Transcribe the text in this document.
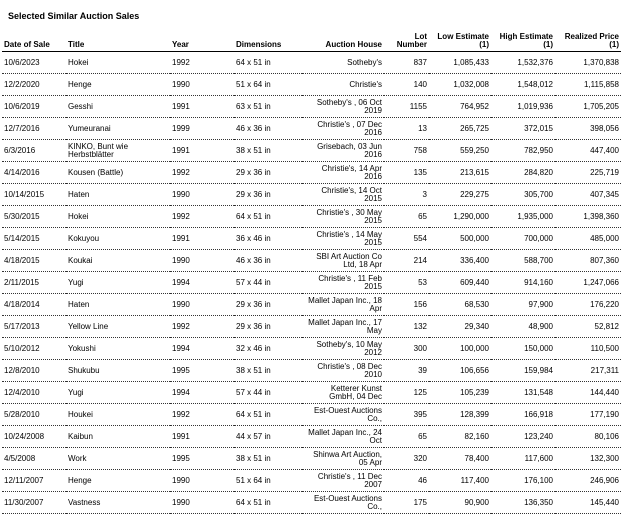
Selected Similar Auction Sales
Date of Sale	Title	Year	Dimensions	Auction House	Lot Number	Low Estimate (1)	High Estimate (1)	Realized Price (1)
10/6/2023	Hokei	1992	64 x 51 in	Sotheby's	837	1,085,433	1,532,376	1,370,838
12/2/2020	Henge	1990	51 x 64 in	Christie's	140	1,032,008	1,548,012	1,115,858
10/6/2019	Gesshi	1991	63 x 51 in	Sotheby's , 06 Oct 2019	1155	764,952	1,019,936	1,705,205
12/7/2016	Yumeuranai	1999	46 x 36 in	Christie's , 07 Dec 2016	13	265,725	372,015	398,056
6/3/2016	KINKO, Bunt wie Herbstblätter	1991	38 x 51 in	Grisebach, 03 Jun 2016	758	559,250	782,950	447,400
4/14/2016	Kousen (Battle)	1992	29 x 36 in	Christie's, 14 Apr 2016	135	213,615	284,820	225,719
10/14/2015	Haten	1990	29 x 36 in	Christie's, 14 Oct 2015	3	229,275	305,700	407,345
5/30/2015	Hokei	1992	64 x 51 in	Christie's , 30 May 2015	65	1,290,000	1,935,000	1,398,360
5/14/2015	Kokuyou	1991	36 x 46 in	Christie's , 14 May 2015	554	500,000	700,000	485,000
4/18/2015	Koukai	1990	46 x 36 in	SBI Art Auction Co Ltd, 18 Apr	214	336,400	588,700	807,360
2/11/2015	Yugi	1994	57 x 44 in	Christie's , 11 Feb 2015	53	609,440	914,160	1,247,066
4/18/2014	Haten	1990	29 x 36 in	Mallet Japan Inc., 18 Apr	156	68,530	97,900	176,220
5/17/2013	Yellow Line	1992	29 x 36 in	Mallet Japan Inc., 17 May	132	29,340	48,900	52,812
5/10/2012	Yokushi	1994	32 x 46 in	Sotheby's, 10 May 2012	300	100,000	150,000	110,500
12/8/2010	Shukubu	1995	38 x 51 in	Christie's , 08 Dec 2010	39	106,656	159,984	217,311
12/4/2010	Yugi	1994	57 x 44 in	Ketterer Kunst GmbH, 04 Dec	125	105,239	131,548	144,440
5/28/2010	Houkei	1992	64 x 51 in	Est-Ouest Auctions Co.,	395	128,399	166,918	177,190
10/24/2008	Kaibun	1991	44 x 57 in	Mallet Japan Inc., 24 Oct	65	82,160	123,240	80,106
4/5/2008	Work	1995	38 x 51 in	Shinwa Art Auction, 05 Apr	320	78,400	117,600	132,300
12/11/2007	Henge	1990	51 x 64 in	Christie's , 11 Dec 2007	46	117,400	176,100	246,906
11/30/2007	Vastness	1990	64 x 51 in	Est-Ouest Auctions Co.,	175	90,900	136,350	145,440
